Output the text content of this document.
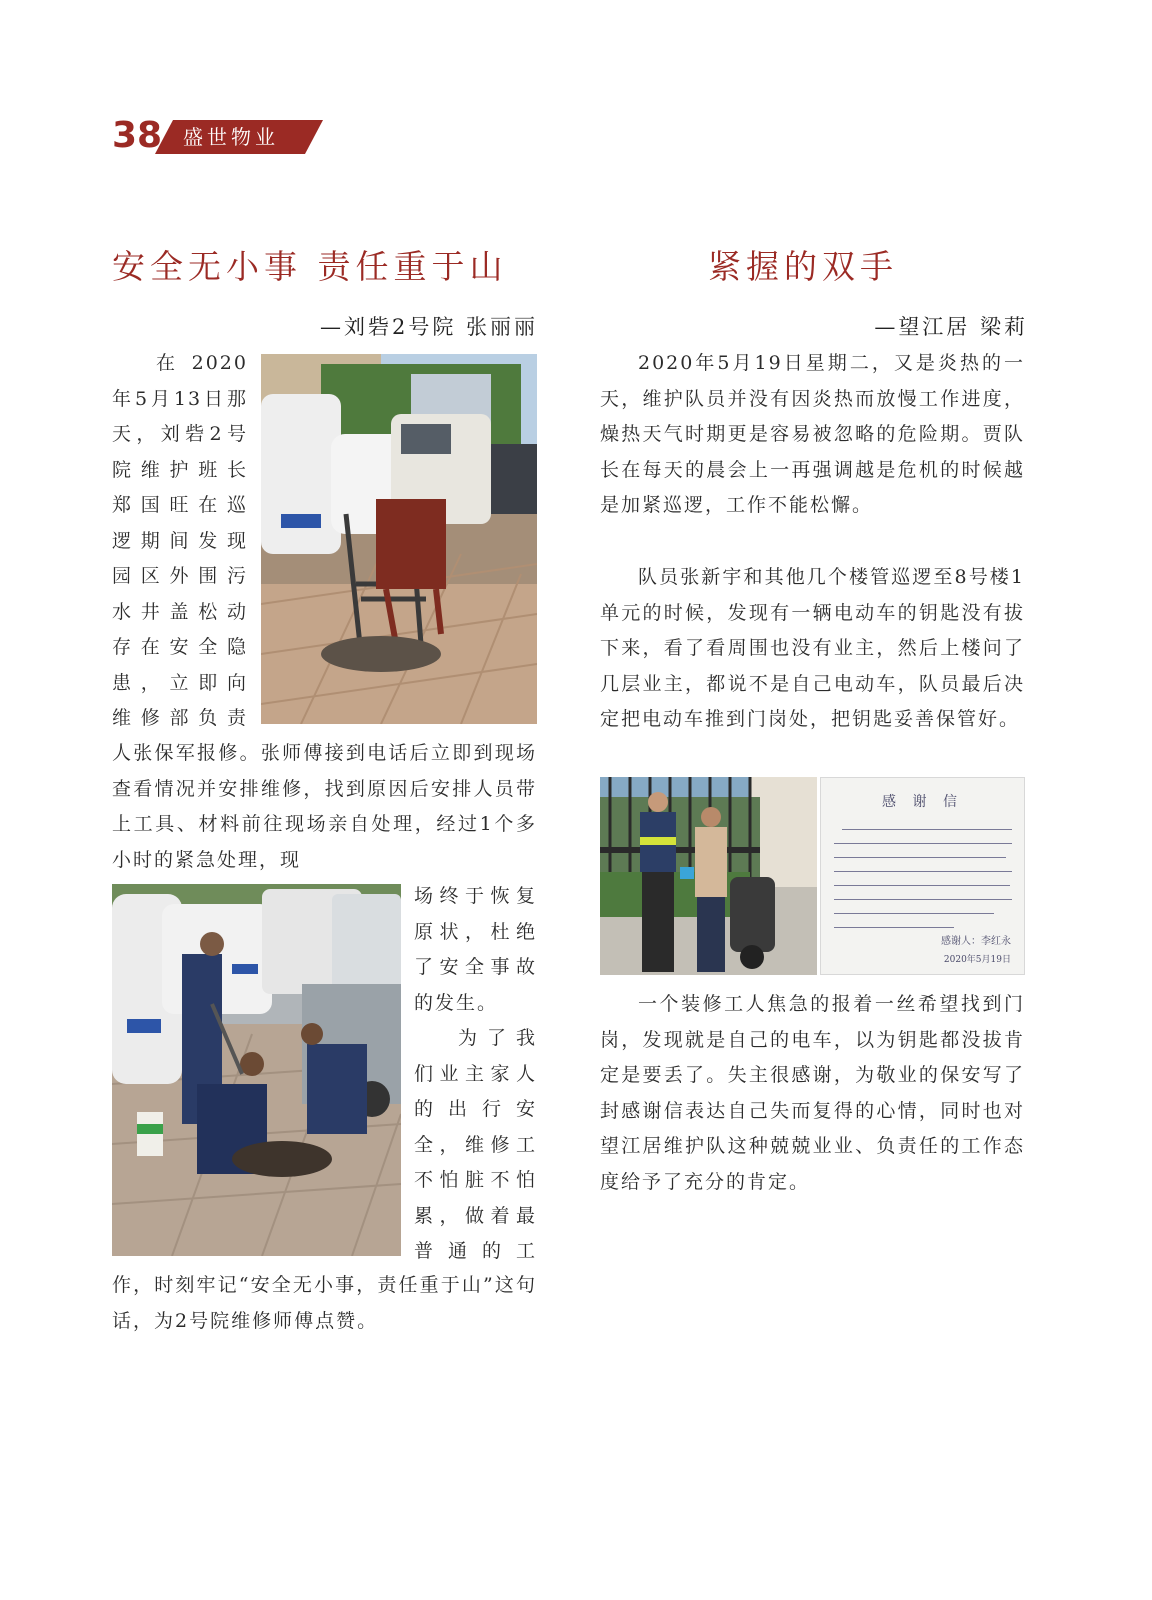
38 盛世物业
安全无小事 责任重于山
—刘砦2号院 张丽丽
在 2020
年5月13日那
天，刘砦2号
院维护班长
郑国旺在巡
逻期间发现
园区外围污
水井盖松动
存在安全隐
患，立即向
维修部负责
人张保军报修。张师傅接到电话后立即到现场查看情况并安排维修，找到原因后安排人员带上工具、材料前往现场亲自处理，经过1个多小时的紧急处理，现
场终于恢复
原状，杜绝
了安全事故
的发生。
为了我
们业主家人
的出行安
全，维修工
不怕脏不怕
累，做着最
普通的工
作，时刻牢记“安全无小事，责任重于山”这句话，为2号院维修师傅点赞。
紧握的双手
—望江居 梁莉
2020年5月19日星期二，又是炎热的一天，维护队员并没有因炎热而放慢工作进度，燥热天气时期更是容易被忽略的危险期。贾队长在每天的晨会上一再强调越是危机的时候越是加紧巡逻，工作不能松懈。
队员张新宇和其他几个楼管巡逻至8号楼1单元的时候，发现有一辆电动车的钥匙没有拔下来，看了看周围也没有业主，然后上楼问了几层业主，都说不是自己电动车，队员最后决定把电动车推到门岗处，把钥匙妥善保管好。
感 谢 信
感谢人：李红永
2020年5月19日
一个装修工人焦急的报着一丝希望找到门岗，发现就是自己的电车，以为钥匙都没拔肯定是要丢了。失主很感谢，为敬业的保安写了封感谢信表达自己失而复得的心情，同时也对望江居维护队这种兢兢业业、负责任的工作态度给予了充分的肯定。
